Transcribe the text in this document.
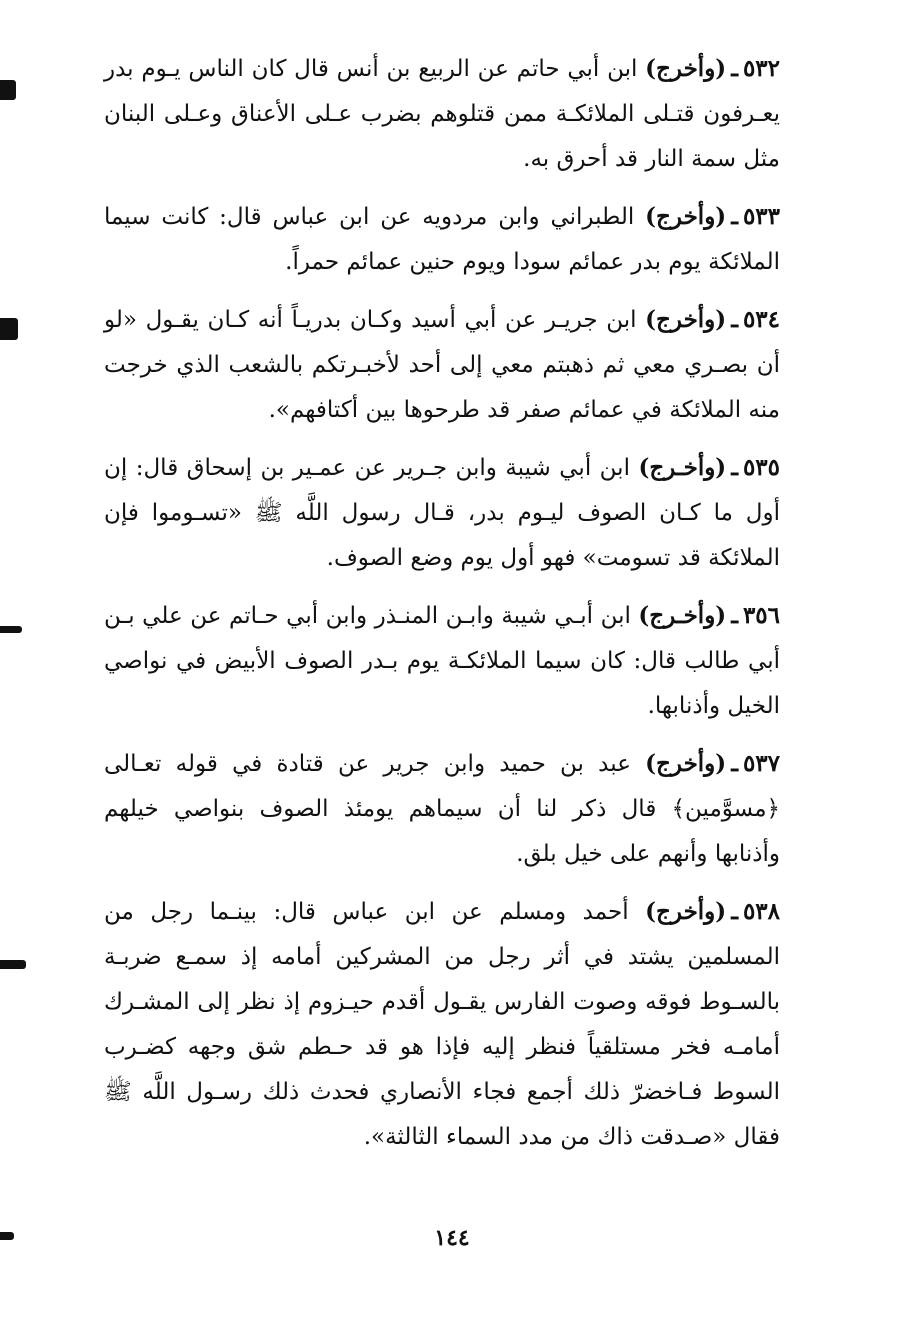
٥٣٢ـ(وأخرج) ابن أبي حاتم عن الربيع بن أنس قال كان الناس يـوم بدر يعـرفون قتـلى الملائكـة ممن قتلوهم بضرب عـلى الأعناق وعـلى البنان مثل سمة النار قد أحرق به.

٥٣٣ـ(وأخرج) الطبراني وابن مردويه عن ابن عباس قال: كانت سيما الملائكة يوم بدر عمائم سودا ويوم حنين عمائم حمراً.

٥٣٤ـ(وأخرج) ابن جريـر عن أبي أسيد وكـان بدريـاً أنه كـان يقـول «لو أن بصـري معي ثم ذهبتم معي إلى أحد لأخبـرتكم بالشعب الذي خرجت منه الملائكة في عمائم صفر قد طرحوها بين أكتافهم».

٥٣٥ـ(وأخـرج) ابن أبي شيبة وابن جـرير عن عمـير بن إسحاق قال: إن أول ما كـان الصوف ليـوم بدر، قـال رسول اللَّه ﷺ «تسـوموا فإن الملائكة قد تسومت» فهو أول يوم وضع الصوف.

٣٥٦ـ(وأخـرج) ابن أبـي شيبة وابـن المنـذر وابن أبي حـاتم عن علي بـن أبي طالب قال: كان سيما الملائكـة يوم بـدر الصوف الأبيض في نواصي الخيل وأذنابها.

٥٣٧ـ(وأخرج) عبد بن حميد وابن جرير عن قتادة في قوله تعـالى ﴿مسوَّمين﴾ قال ذكر لنا أن سيماهم يومئذ الصوف بنواصي خيلهم وأذنابها وأنهم على خيل بلق.

٥٣٨ـ(وأخرج) أحمد ومسلم عن ابن عباس قال: بينـما رجل من المسلمين يشتد في أثر رجل من المشركين أمامه إذ سمـع ضربـة بالسـوط فوقه وصوت الفارس يقـول أقدم حيـزوم إذ نظر إلى المشـرك أمامـه فخر مستلقياً فنظر إليه فإذا هو قد حـطم شق وجهه كضـرب السوط فـاخضرّ ذلك أجمع فجاء الأنصاري فحدث ذلك رسـول اللَّه ﷺ فقال «صـدقت ذاك من مدد السماء الثالثة».

١٤٤
